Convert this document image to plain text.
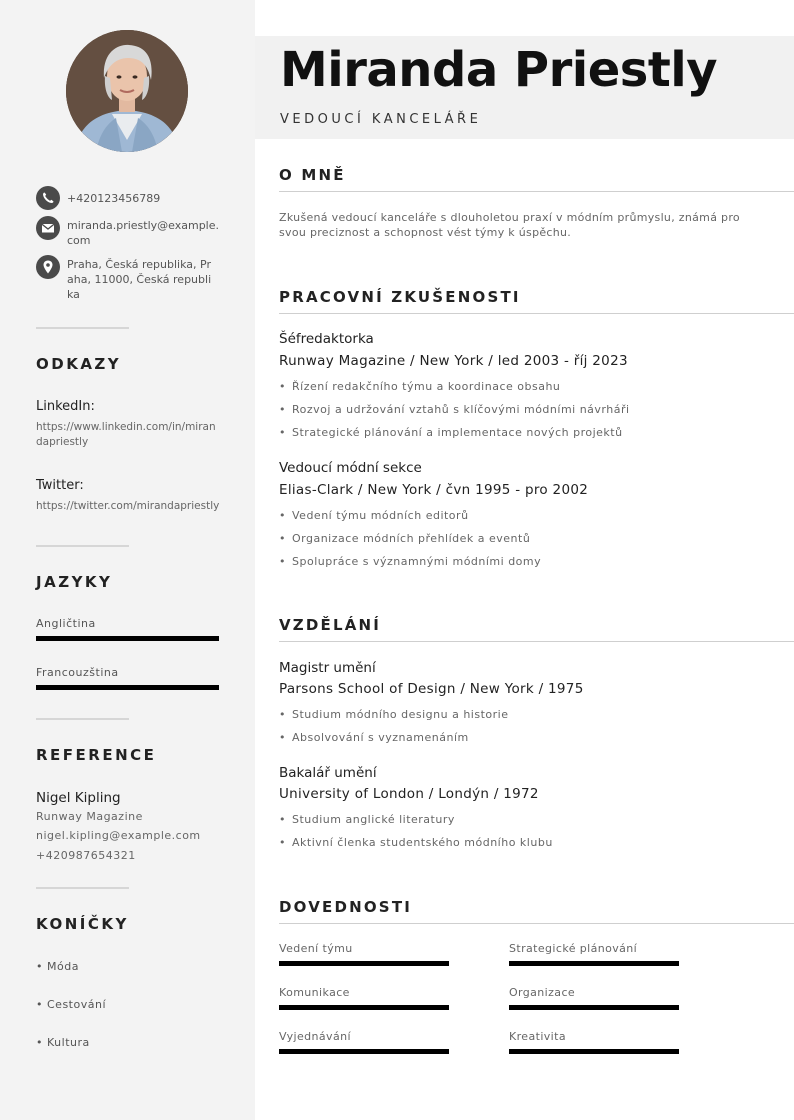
+420123456789
miranda.priestly@example.com
Praha, Česká republika, Praha, 11000, Česká republika
ODKAZY
LinkedIn:
https://www.linkedin.com/in/mirandapriestly
Twitter:
https://twitter.com/mirandapriestly
JAZYKY
Angličtina
Francouzština
REFERENCE
Nigel Kipling
Runway Magazine
nigel.kipling@example.com
+420987654321
KONÍČKY
• Móda
• Cestování
• Kultura
Miranda Priestly
VEDOUCÍ KANCELÁŘE
O MNĚ
Zkušená vedoucí kanceláře s dlouholetou praxí v módním průmyslu, známá pro svou preciznost a schopnost vést týmy k úspěchu.
PRACOVNÍ ZKUŠENOSTI
Šéfredaktorka
Runway Magazine / New York / led 2003 - říj 2023
• Řízení redakčního týmu a koordinace obsahu
• Rozvoj a udržování vztahů s klíčovými módními návrháři
• Strategické plánování a implementace nových projektů
Vedoucí módní sekce
Elias-Clark / New York / čvn 1995 - pro 2002
• Vedení týmu módních editorů
• Organizace módních přehlídek a eventů
• Spolupráce s významnými módními domy
VZDĚLÁNÍ
Magistr umění
Parsons School of Design / New York / 1975
• Studium módního designu a historie
• Absolvování s vyznamenáním
Bakalář umění
University of London / Londýn / 1972
• Studium anglické literatury
• Aktivní členka studentského módního klubu
DOVEDNOSTI
Vedení týmu	Strategické plánování
Komunikace	Organizace
Vyjednávání	Kreativita
